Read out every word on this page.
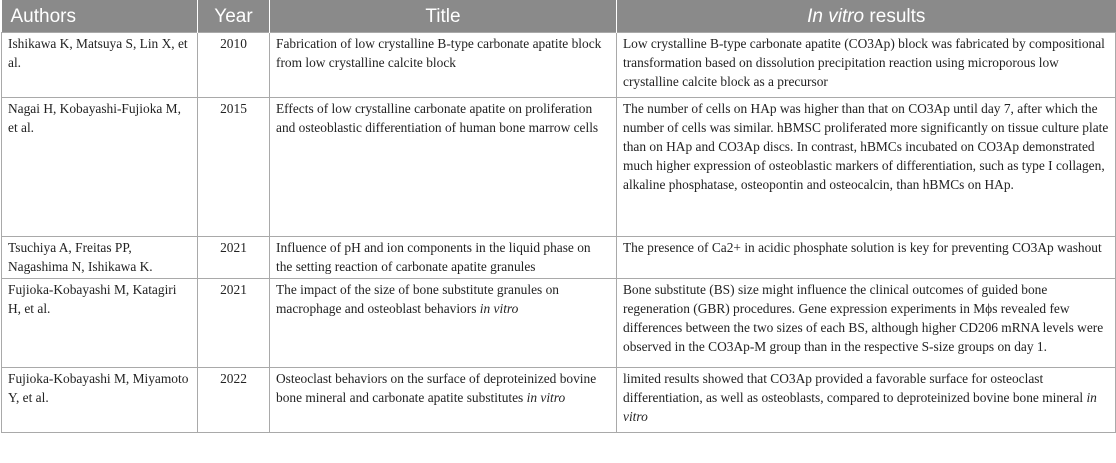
Authors	Year	Title	In vitro results
Ishikawa K, Matsuya S, Lin X, et al.	2010	Fabrication of low crystalline B-type carbonate apatite block from low crystalline calcite block	Low crystalline B-type carbonate apatite (CO3Ap) block was fabricated by compositional transformation based on dissolution precipitation reaction using microporous low crystalline calcite block as a precursor
Nagai H, Kobayashi-Fujioka M, et al.	2015	Effects of low crystalline carbonate apatite on proliferation and osteoblastic differentiation of human bone marrow cells	The number of cells on HAp was higher than that on CO3Ap until day 7, after which the number of cells was similar. hBMSC proliferated more significantly on tissue culture plate than on HAp and CO3Ap discs. In contrast, hBMCs incubated on CO3Ap demonstrated much higher expression of osteoblastic markers of differentiation, such as type I collagen, alkaline phosphatase, osteopontin and osteocalcin, than hBMCs on HAp.
Tsuchiya A, Freitas PP, Nagashima N, Ishikawa K.	2021	Influence of pH and ion components in the liquid phase on the setting reaction of carbonate apatite granules	The presence of Ca2+ in acidic phosphate solution is key for preventing CO3Ap washout
Fujioka-Kobayashi M, Katagiri H, et al.	2021	The impact of the size of bone substitute granules on macrophage and osteoblast behaviors in vitro	Bone substitute (BS) size might influence the clinical outcomes of guided bone regeneration (GBR) procedures. Gene expression experiments in Mϕs revealed few differences between the two sizes of each BS, although higher CD206 mRNA levels were observed in the CO3Ap-M group than in the respective S-size groups on day 1.
Fujioka-Kobayashi M, Miyamoto Y, et al.	2022	Osteoclast behaviors on the surface of deproteinized bovine bone mineral and carbonate apatite substitutes in vitro	limited results showed that CO3Ap provided a favorable surface for osteoclast differentiation, as well as osteoblasts, compared to deproteinized bovine bone mineral in vitro
